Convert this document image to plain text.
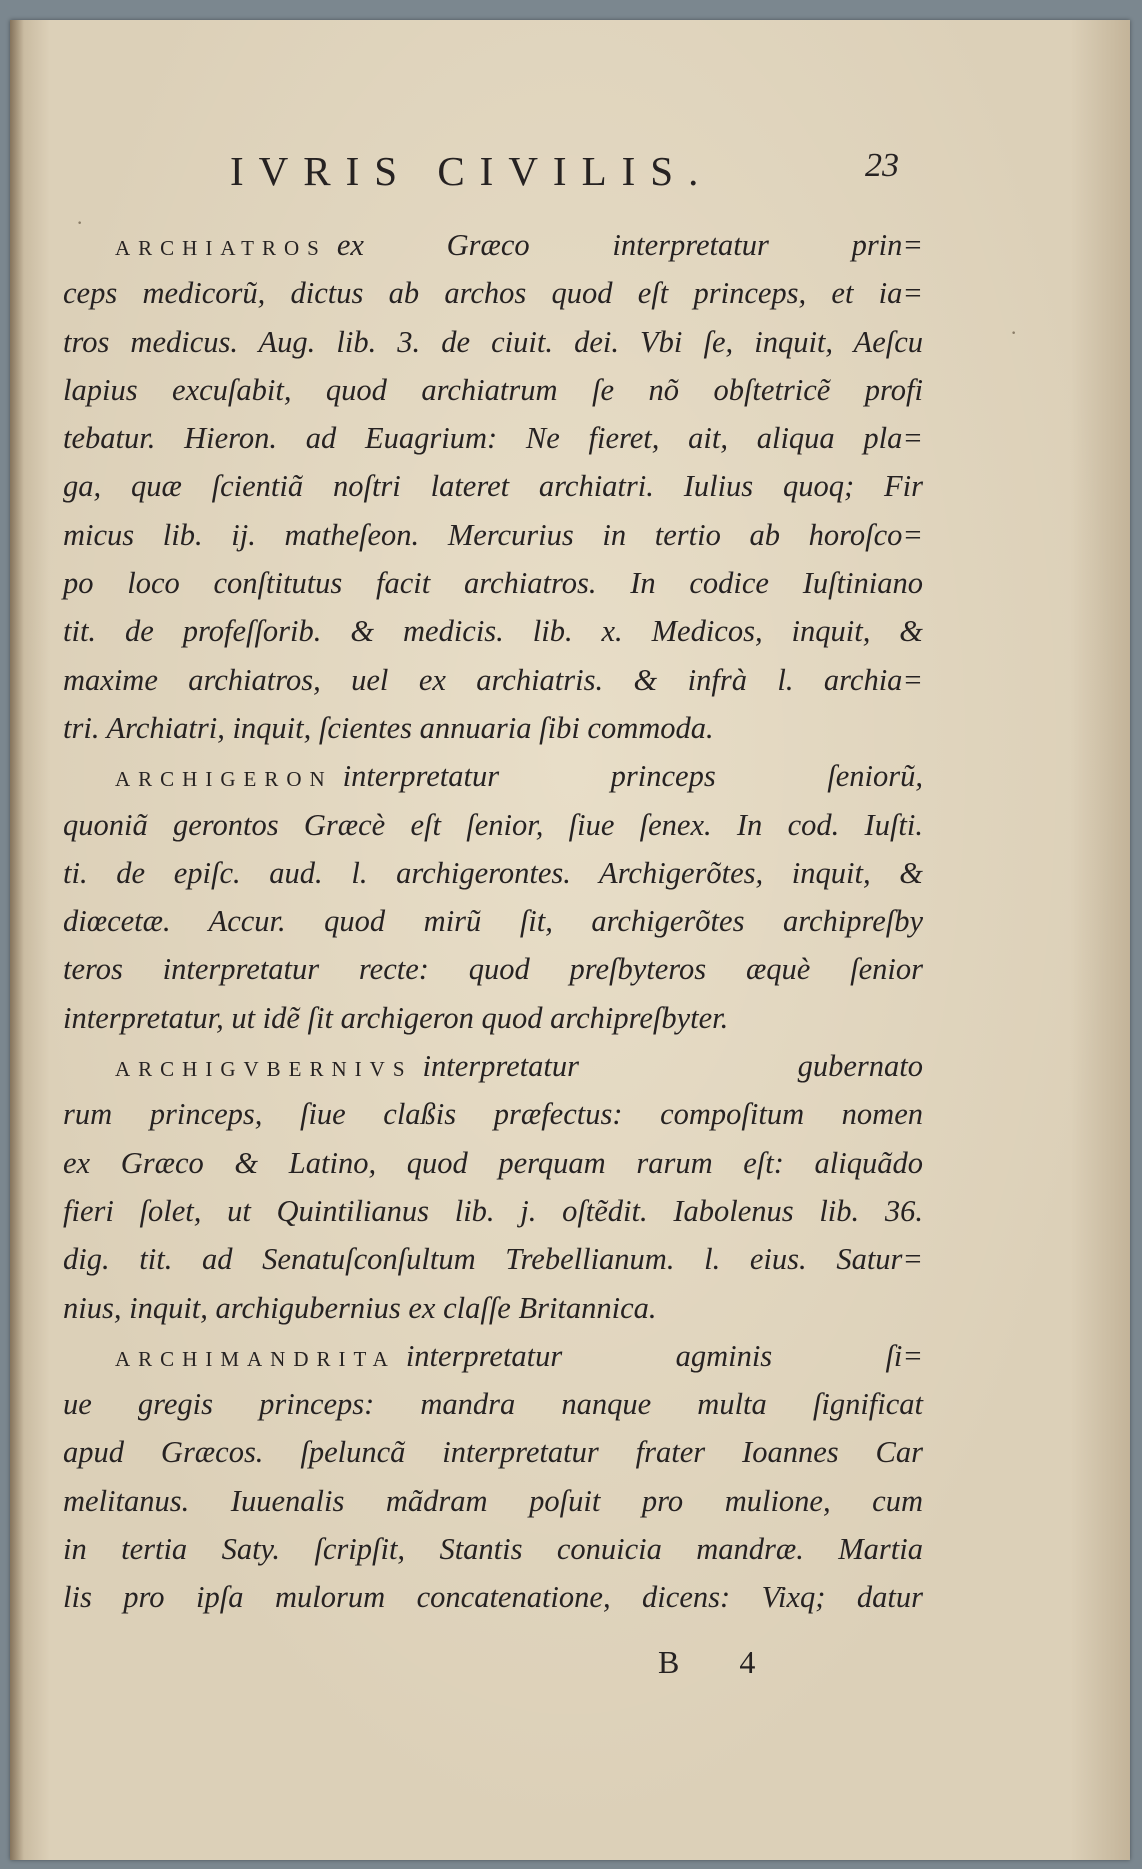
IVRIS CIVILIS.	23
ARCHIATROS ex Græco interpretatur prin=
ceps medicorũ, dictus ab archos quod eſt princeps, et ia=
tros medicus. Aug. lib. 3. de ciuit. dei. Vbi ſe, inquit, Aeſcu
lapius excuſabit, quod archiatrum ſe nõ obſtetricẽ profi
tebatur. Hieron. ad Euagrium: Ne fieret, ait, aliqua pla=
ga, quæ ſcientiã noſtri lateret archiatri. Iulius quoq; Fir
micus lib. ij. matheſeon. Mercurius in tertio ab horoſco=
po loco conſtitutus facit archiatros. In codice Iuſtiniano
tit. de profeſſorib. & medicis. lib. x. Medicos, inquit, &
maxime archiatros, uel ex archiatris. & infrà l. archia=
tri. Archiatri, inquit, ſcientes annuaria ſibi commoda.
ARCHIGERON interpretatur princeps ſeniorũ,
quoniã gerontos Græcè eſt ſenior, ſiue ſenex. In cod. Iuſti.
ti. de epiſc. aud. l. archigerontes. Archigerõtes, inquit, &
diœcetæ. Accur. quod mirũ ſit, archigerõtes archipreſby
teros interpretatur recte: quod preſbyteros æquè ſenior
interpretatur, ut idẽ ſit archigeron quod archipreſbyter.
ARCHIGVBERNIVS interpretatur gubernato
rum princeps, ſiue claßis præfectus: compoſitum nomen
ex Græco & Latino, quod perquam rarum eſt: aliquãdo
fieri ſolet, ut Quintilianus lib. j. oſtẽdit. Iabolenus lib. 36.
dig. tit. ad Senatuſconſultum Trebellianum. l. eius. Satur=
nius, inquit, archigubernius ex claſſe Britannica.
ARCHIMANDRITA interpretatur agminis ſi=
ue gregis princeps: mandra nanque multa ſignificat
apud Græcos. ſpeluncã interpretatur frater Ioannes Car
melitanus. Iuuenalis mãdram poſuit pro mulione, cum
in tertia Saty. ſcripſit, Stantis conuicia mandræ. Martia
lis pro ipſa mulorum concatenatione, dicens: Vixq; datur
B 4
·
·
